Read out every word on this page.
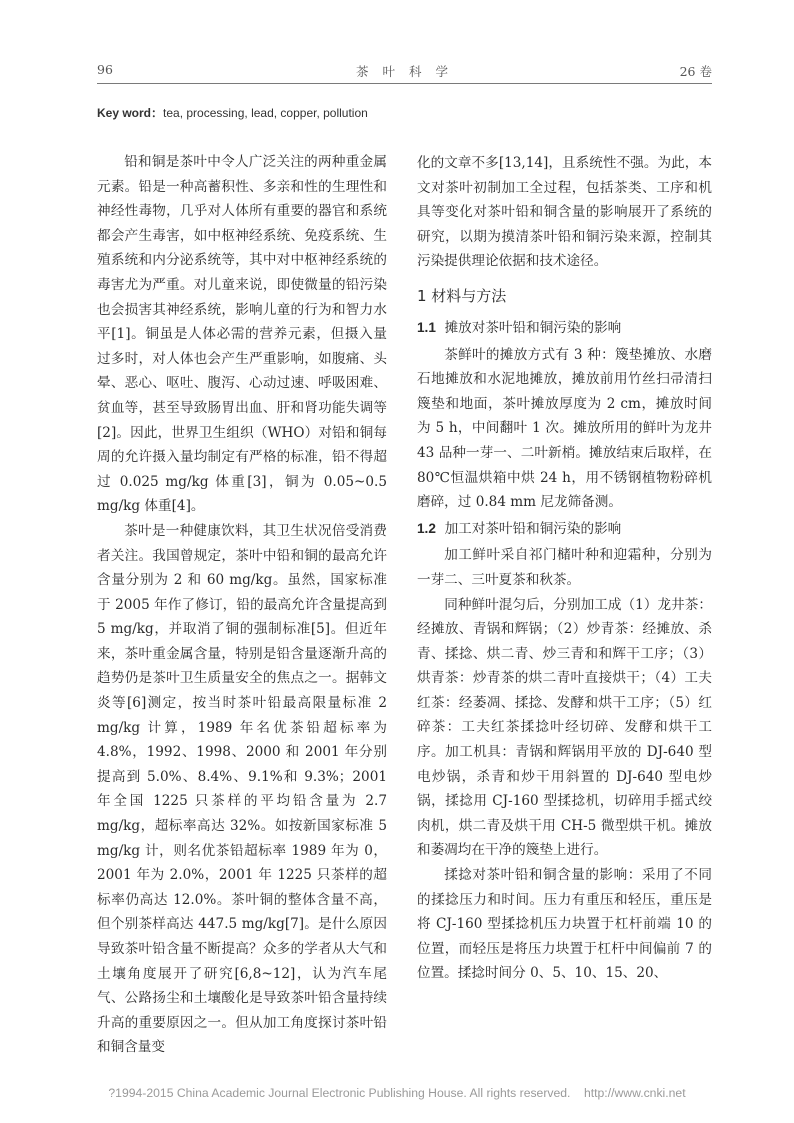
96	茶 叶 科 学	26 卷
Key word：tea, processing, lead, copper, pollution

铅和铜是茶叶中令人广泛关注的两种重金属元素。铅是一种高蓄积性、多亲和性的生理性和神经性毒物，几乎对人体所有重要的器官和系统都会产生毒害，如中枢神经系统、免疫系统、生殖系统和内分泌系统等，其中对中枢神经系统的毒害尤为严重。对儿童来说，即使微量的铅污染也会损害其神经系统，影响儿童的行为和智力水平[1]。铜虽是人体必需的营养元素，但摄入量过多时，对人体也会产生严重影响，如腹痛、头晕、恶心、呕吐、腹泻、心动过速、呼吸困难、贫血等，甚至导致肠胃出血、肝和肾功能失调等[2]。因此，世界卫生组织（WHO）对铅和铜每周的允许摄入量均制定有严格的标准，铅不得超过 0.025 mg/kg 体重[3]，铜为 0.05~0.5 mg/kg 体重[4]。

茶叶是一种健康饮料，其卫生状况倍受消费者关注。我国曾规定，茶叶中铅和铜的最高允许含量分别为 2 和 60 mg/kg。虽然，国家标准于 2005 年作了修订，铅的最高允许含量提高到 5 mg/kg，并取消了铜的强制标准[5]。但近年来，茶叶重金属含量，特别是铅含量逐渐升高的趋势仍是茶叶卫生质量安全的焦点之一。据韩文炎等[6]测定，按当时茶叶铅最高限量标准 2 mg/kg 计算，1989 年名优茶铅超标率为 4.8%，1992、1998、2000 和 2001 年分别提高到 5.0%、8.4%、9.1%和 9.3%；2001 年全国 1225 只茶样的平均铅含量为 2.7 mg/kg，超标率高达 32%。如按新国家标准 5 mg/kg 计，则名优茶铅超标率 1989 年为 0，2001 年为 2.0%，2001 年 1225 只茶样的超标率仍高达 12.0%。茶叶铜的整体含量不高，但个别茶样高达 447.5 mg/kg[7]。是什么原因导致茶叶铅含量不断提高？众多的学者从大气和土壤角度展开了研究[6,8~12]，认为汽车尾气、公路扬尘和土壤酸化是导致茶叶铅含量持续升高的重要原因之一。但从加工角度探讨茶叶铅和铜含量变

化的文章不多[13,14]，且系统性不强。为此，本文对茶叶初制加工全过程，包括茶类、工序和机具等变化对茶叶铅和铜含量的影响展开了系统的研究，以期为摸清茶叶铅和铜污染来源，控制其污染提供理论依据和技术途径。

1 材料与方法
1.1 摊放对茶叶铅和铜污染的影响

茶鲜叶的摊放方式有 3 种：篾垫摊放、水磨石地摊放和水泥地摊放，摊放前用竹丝扫帚清扫篾垫和地面，茶叶摊放厚度为 2 cm，摊放时间为 5 h，中间翻叶 1 次。摊放所用的鲜叶为龙井 43 品种一芽一、二叶新梢。摊放结束后取样，在 80℃恒温烘箱中烘 24 h，用不锈钢植物粉碎机磨碎，过 0.84 mm 尼龙筛备测。

1.2 加工对茶叶铅和铜污染的影响

加工鲜叶采自祁门槠叶种和迎霜种，分别为一芽二、三叶夏茶和秋茶。

同种鲜叶混匀后，分别加工成（1）龙井茶：经摊放、青锅和辉锅；（2）炒青茶：经摊放、杀青、揉捻、烘二青、炒三青和和辉干工序；（3）烘青茶：炒青茶的烘二青叶直接烘干；（4）工夫红茶：经萎凋、揉捻、发酵和烘干工序；（5）红碎茶：工夫红茶揉捻叶经切碎、发酵和烘干工序。加工机具：青锅和辉锅用平放的 DJ-640 型电炒锅，杀青和炒干用斜置的 DJ-640 型电炒锅，揉捻用 CJ-160 型揉捻机，切碎用手摇式绞肉机，烘二青及烘干用 CH-5 微型烘干机。摊放和萎凋均在干净的篾垫上进行。

揉捻对茶叶铅和铜含量的影响：采用了不同的揉捻压力和时间。压力有重压和轻压，重压是将 CJ-160 型揉捻机压力块置于杠杆前端 10 的位置，而轻压是将压力块置于杠杆中间偏前 7 的位置。揉捻时间分 0、5、10、15、20、

?1994-2015 China Academic Journal Electronic Publishing House. All rights reserved.    http://www.cnki.net
